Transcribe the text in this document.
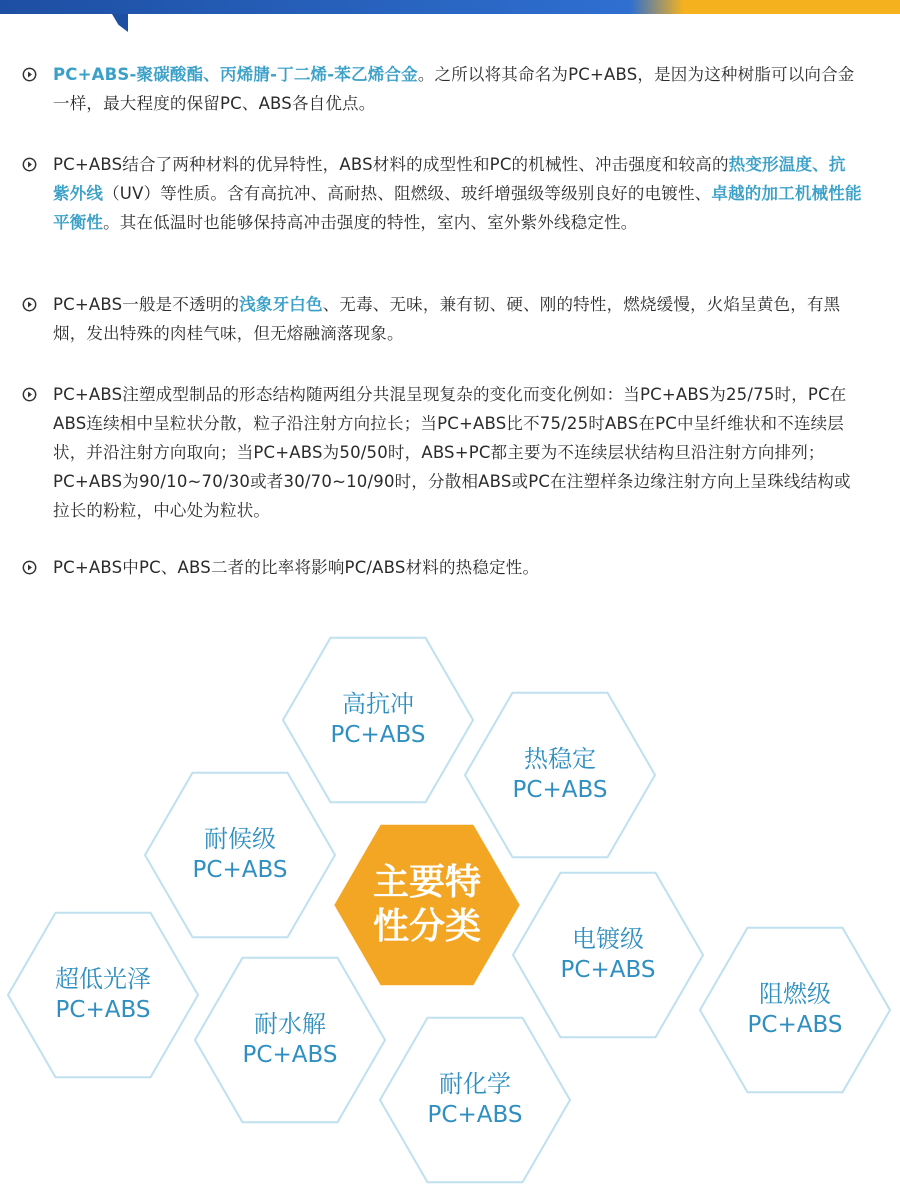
PC+ABS-聚碳酸酯、丙烯腈-丁二烯-苯乙烯合金。之所以将其命名为PC+ABS，是因为这种树脂可以向合金一样，最大程度的保留PC、ABS各自优点。
PC+ABS结合了两种材料的优异特性，ABS材料的成型性和PC的机械性、冲击强度和较高的热变形温度、抗紫外线（UV）等性质。含有高抗冲、高耐热、阻燃级、玻纤增强级等级别良好的电镀性、卓越的加工机械性能平衡性。其在低温时也能够保持高冲击强度的特性，室内、室外紫外线稳定性。
PC+ABS一般是不透明的浅象牙白色、无毒、无味，兼有韧、硬、刚的特性，燃烧缓慢，火焰呈黄色，有黑烟，发出特殊的肉桂气味，但无熔融滴落现象。
PC+ABS注塑成型制品的形态结构随两组分共混呈现复杂的变化而变化例如：当PC+ABS为25/75时，PC在ABS连续相中呈粒状分散，粒子沿注射方向拉长；当PC+ABS比不75/25时ABS在PC中呈纤维状和不连续层状，并沿注射方向取向；当PC+ABS为50/50时，ABS+PC都主要为不连续层状结构旦沿注射方向排列；PC+ABS为90/10~70/30或者30/70~10/90时，分散相ABS或PC在注塑样条边缘注射方向上呈珠线结构或拉长的粉粒，中心处为粒状。
PC+ABS中PC、ABS二者的比率将影响PC/ABS材料的热稳定性。
高抗冲
PC+ABS
热稳定
PC+ABS
耐候级
PC+ABS
电镀级
PC+ABS
超低光泽
PC+ABS	耐水解
PC+ABS
阻燃级
PC+ABS
耐化学
PC+ABS
主要特
性分类
